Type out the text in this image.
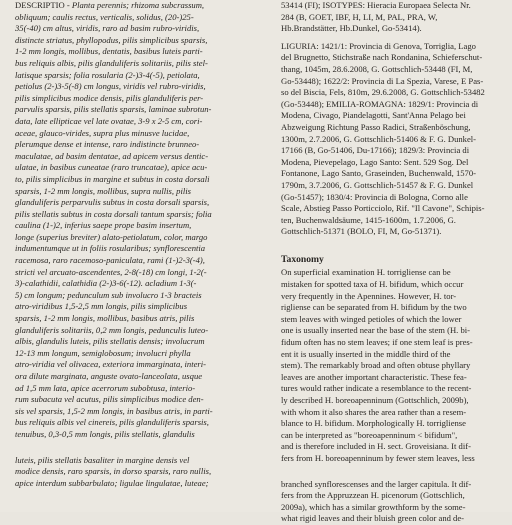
DESCRIPTIO - Planta perennis; rhizoma subcrassum,
obliquum; caulis rectus, verticalis, solidus, (20-)25-
35(-40) cm altus, viridis, raro ad basim rubro-viridis,
distincte striatus, phyllopodus, pilis simplicibus sparsis,
1-2 mm longis, mollibus, dentatis, basibus luteis parti-
bus reliquis albis, pilis glanduliferis solitariis, pilis stel-
latisque sparsis; folia rosularia (2-)3-4(-5), petiolata,
petiolus (2-)3-5(-8) cm longus, viridis vel rubro-viridis,
pilis simplicibus modice densis, pilis glanduliferis per-
parvulis sparsis, pilis stellatis sparsis, laminae subrotun-
data, late ellipticae vel late ovatae, 3-9 x 2-5 cm, cori-
aceae, glauco-virides, supra plus minusve lucidae,
plerumque dense et intense, raro indistincte brunneo-
maculatae, ad basim dentatae, ad apicem versus dentic-
ulatae, in basibus cuneatae (raro truncatae), apice acu-
to, pilis simplicibus in margine et subtus in costa dorsali
sparsis, 1-2 mm longis, mollibus, supra nullis, pilis
glanduliferis perparvulis subtus in costa dorsali sparsis,
pilis stellatis subtus in costa dorsali tantum sparsis; folia
caulina (1-)2, inferius saepe prope basim insertum,
longe (superius breviter) alato-petiolatum, color, margo
indumentumque ut in foliis rosularibus; synflorescentia
racemosa, raro racemoso-paniculata, rami (1-)2-3(-4),
stricti vel arcuato-ascendentes, 2-8(-18) cm longi, 1-2(-
3)-calathidii, calathidia (2-)3-6(-12). acladium 1-3(-
5) cm longum; pedunculum sub involucro 1-3 bracteis
atro-viridibus 1,5-2,5 mm longis, pilis simplicibus
sparsis, 1-2 mm longis, mollibus, basibus atris, pilis
glanduliferis solitariis, 0,2 mm longis, pedunculis luteo-
albis, glandulis luteis, pilis stellatis densis; involucrum
12-13 mm longum, semiglobosum; involucri phylla
atro-viridia vel olivacea, exteriora immarginata, interi-
ora dilute marginata, anguste ovato-lanceolata, usque
ad 1,5 mm lata, apice acerrorum subobtusa, interio-
rum subacuta vel acutus, pilis simplicibus modice den-
sis vel sparsis, 1,5-2 mm longis, in basibus atris, in parti-
bus reliquis albis vel cinereis, pilis glanduliferis sparsis,
tenuibus, 0,3-0,5 mm longis, pilis stellatis, glandulis
luteis, pilis stellatis basaliter in margine densis vel
modice densis, raro sparsis, in dorso sparsis, raro nullis,
apice interdum subbarbulato; ligulae lingulatae, luteae;
53414 (FI); ISOTYPES: Hieracia Europaea Selecta Nr.
284 (B, GOET, IBF, H, LI, M, PAL, PRA, W,
Hb.Brandstätter, Hb.Dunkel, Go-53414).
LIGURIA: 1421/1: Provincia di Genova, Torriglia, Lago
del Brugnetto, Stichstraße nach Rondanina, Schieferschut-
thang, 1045m, 28.6.2008, G. Gottschlich-53448 (FI, M,
Go-53448); 1622/2: Provincia di La Spezia, Varese, E Pas-
so del Biscia, Fels, 810m, 29.6.2008, G. Gottschlich-53482
(Go-53448); EMILIA-ROMAGNA: 1829/1: Provincia di
Modena, Civago, Piandelagotti, Sant'Anna Pelago bei
Abzweigung Richtung Passo Radici, Straßenböschung,
1300m, 2.7.2006, G. Gottschlich-51406 & F. G. Dunkel-
17166 (B, Go-51406, Du-17166); 1829/3: Provincia di
Modena, Pievepelago, Lago Santo: Sent. 529 Sog. Del
Fontanone, Lago Santo, Graseinden, Buchenwald, 1570-
1790m, 3.7.2006, G. Gottschlich-51457 & F. G. Dunkel
(Go-51457); 1830/4: Provincia di Bologna, Corno alle
Scale, Abstieg Passo Porticciolo, Rif. "Il Cavone", Schipis-
ten, Buchenwaldsäume, 1415-1600m, 1.7.2006, G.
Gottschlich-51371 (BOLO, FI, M, Go-51371).
Taxonomy
On superficial examination H. torrigliense can be
mistaken for spotted taxa of H. bifidum, which occur
very frequently in the Apennines. However, H. tor-
rigliense can be separated from H. bifidum by the two
stem leaves with winged petioles of which the lower
one is usually inserted near the base of the stem (H. bi-
fidum often has no stem leaves; if one stem leaf is pres-
ent it is usually inserted in the middle third of the
stem). The remarkably broad and often obtuse phyllary
leaves are another important characteristic. These fea-
tures would rather indicate a resemblance to the recent-
ly described H. boreoapenninum (Gottschlich, 2009b),
with whom it also shares the area rather than a resem-
blance to H. bifidum. Morphologically H. torrigliense
can be interpreted as "boreoapenninum < bifidum",
and is therefore included in H. sect. Groveisiana. It dif-
fers from H. boreoapenninum by fewer stem leaves, less
branched synflorescenses and the larger capitula. It dif-
fers from the Appruzzean H. picenorum (Gottschlich,
2009a), which has a similar growthform by the some-
what rigid leaves and their bluish green color and de-
